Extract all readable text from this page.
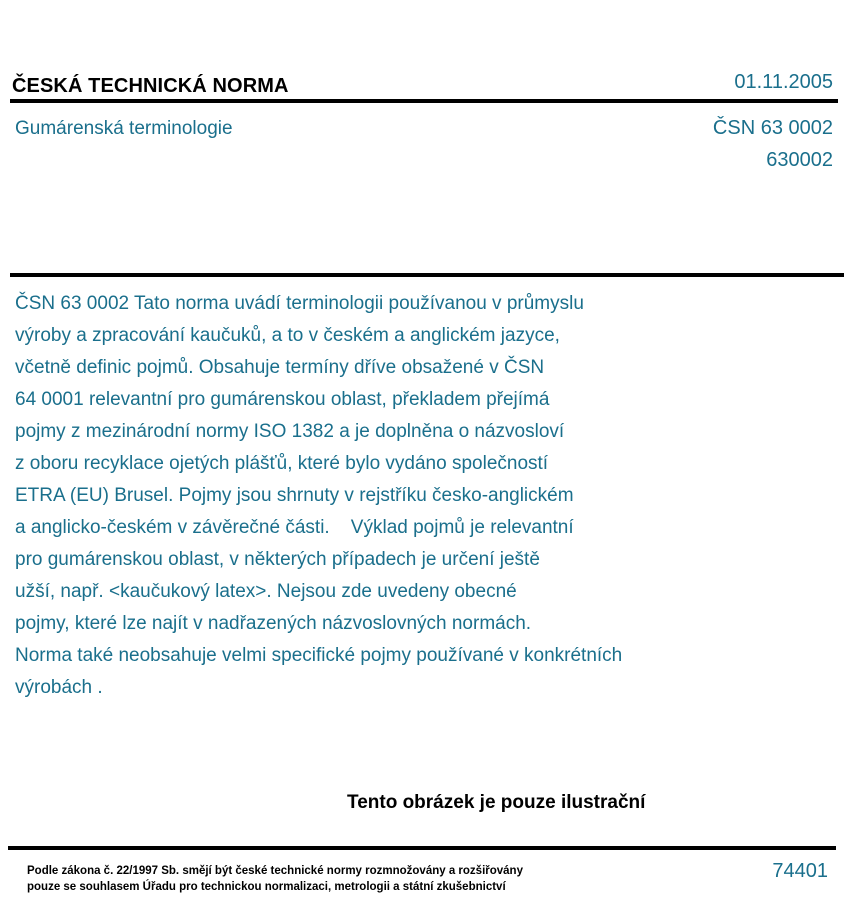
ČESKÁ TECHNICKÁ NORMA	01.11.2005
Gumárenská terminologie	ČSN 63 0002
630002
ČSN 63 0002 Tato norma uvádí terminologii používanou v průmyslu
výroby a zpracování kaučuků, a to v českém a anglickém jazyce,
včetně definic pojmů. Obsahuje termíny dříve obsažené v ČSN
64 0001 relevantní pro gumárenskou oblast, překladem přejímá
pojmy z mezinárodní normy ISO 1382 a je doplněna o názvosloví
z oboru recyklace ojetých plášťů, které bylo vydáno společností
ETRA (EU) Brusel. Pojmy jsou shrnuty v rejstříku česko-anglickém
a anglicko-českém v závěrečné části.    Výklad pojmů je relevantní
pro gumárenskou oblast, v některých případech je určení ještě
užší, např. <kaučukový latex>. Nejsou zde uvedeny obecné
pojmy, které lze najít v nadřazených názvoslovných normách.
Norma také neobsahuje velmi specifické pojmy používané v konkrétních
výrobách .
Tento obrázek je pouze ilustrační
Podle zákona č. 22/1997 Sb. smějí být české technické normy rozmnožovány a rozšiřovány
pouze se souhlasem Úřadu pro technickou normalizaci, metrologii a státní zkušebnictví
74401
